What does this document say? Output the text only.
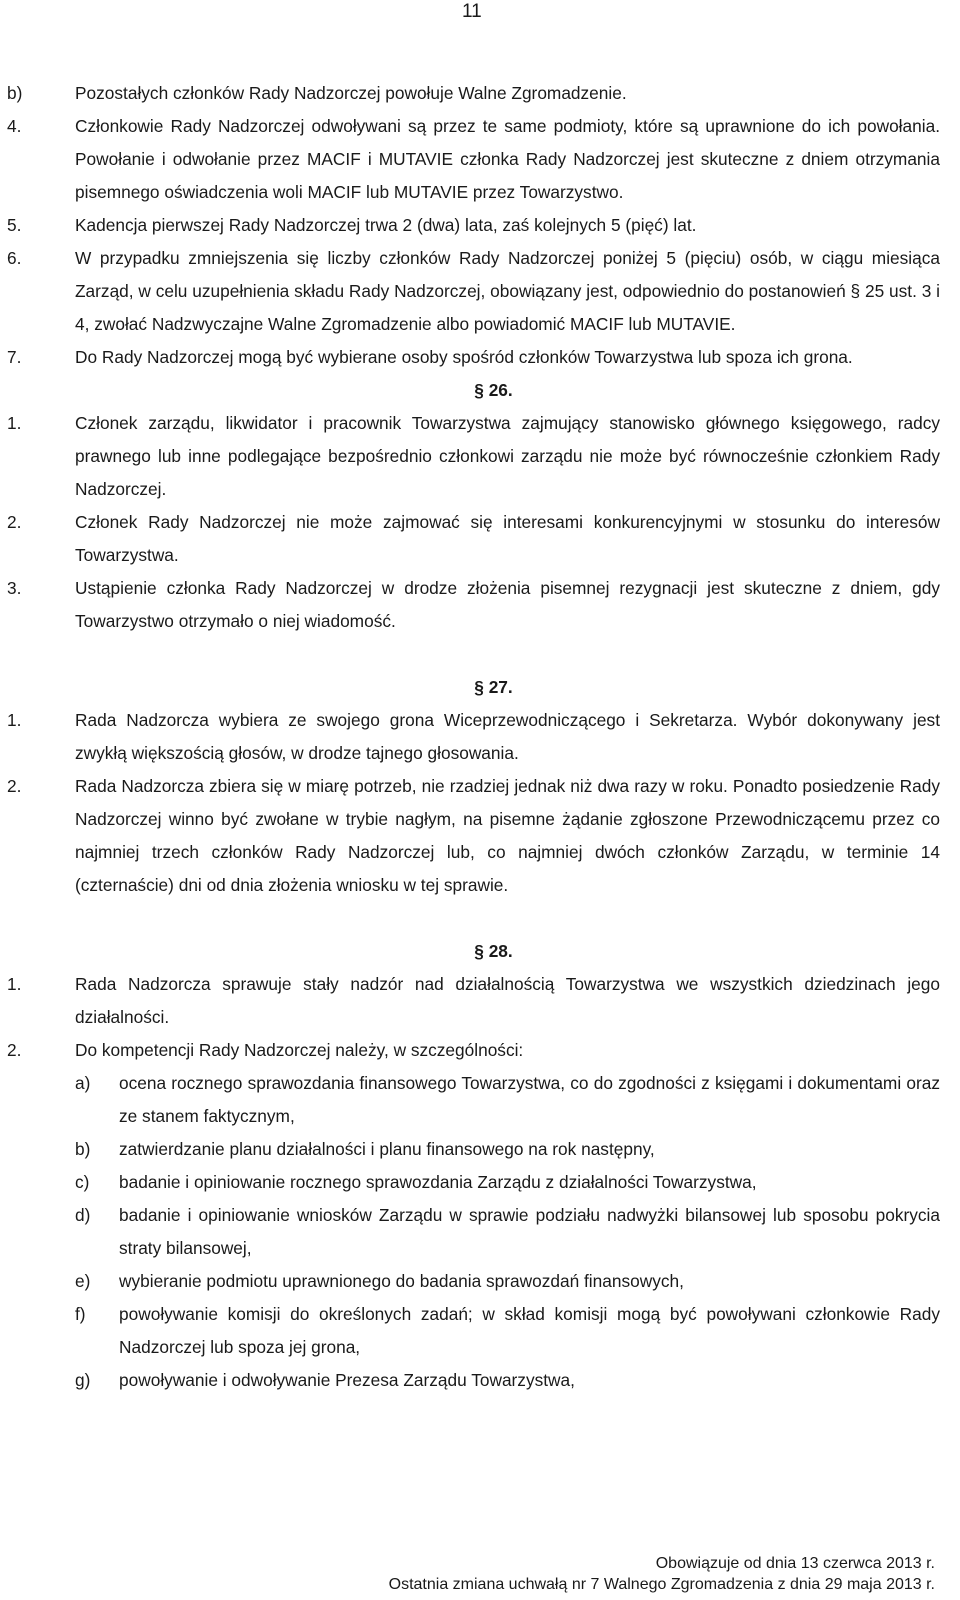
11
b)	Pozostałych członków Rady Nadzorczej powołuje Walne Zgromadzenie.
4.	Członkowie Rady Nadzorczej odwoływani są przez te same podmioty, które są uprawnione do ich powołania. Powołanie i odwołanie przez MACIF i MUTAVIE członka Rady Nadzorczej jest skuteczne z dniem otrzymania pisemnego oświadczenia woli MACIF lub MUTAVIE przez Towarzystwo.
5.	Kadencja pierwszej Rady Nadzorczej trwa 2 (dwa) lata, zaś kolejnych 5 (pięć) lat.
6.	W przypadku zmniejszenia się liczby członków Rady Nadzorczej poniżej 5 (pięciu) osób, w ciągu miesiąca Zarząd, w celu uzupełnienia składu Rady Nadzorczej, obowiązany jest, odpowiednio do postanowień § 25 ust. 3 i 4, zwołać Nadzwyczajne Walne Zgromadzenie albo powiadomić MACIF lub MUTAVIE.
7.	Do Rady Nadzorczej mogą być wybierane osoby spośród członków Towarzystwa lub spoza ich grona.
§ 26.
1.	Członek zarządu, likwidator i pracownik Towarzystwa zajmujący stanowisko głównego księgowego, radcy prawnego lub inne podlegające bezpośrednio członkowi zarządu nie może być równocześnie członkiem Rady Nadzorczej.
2.	Członek Rady Nadzorczej nie może zajmować się interesami konkurencyjnymi w stosunku do interesów Towarzystwa.
3.	Ustąpienie członka Rady Nadzorczej w drodze złożenia pisemnej rezygnacji jest skuteczne z dniem, gdy Towarzystwo otrzymało o niej wiadomość.
§ 27.
1.	Rada Nadzorcza wybiera ze swojego grona Wiceprzewodniczącego i Sekretarza. Wybór dokonywany jest zwykłą większością głosów, w drodze tajnego głosowania.
2.	Rada Nadzorcza zbiera się w miarę potrzeb, nie rzadziej jednak niż dwa razy w roku. Ponadto posiedzenie Rady Nadzorczej winno być zwołane w trybie nagłym, na pisemne żądanie zgłoszone Przewodniczącemu przez co najmniej trzech członków Rady Nadzorczej lub, co najmniej dwóch członków Zarządu, w terminie 14 (czternaście) dni od dnia złożenia wniosku w tej sprawie.
§ 28.
1.	Rada Nadzorcza sprawuje stały nadzór nad działalnością Towarzystwa we wszystkich dziedzinach jego działalności.
2.	Do kompetencji Rady Nadzorczej należy, w szczególności:
a) ocena rocznego sprawozdania finansowego Towarzystwa, co do zgodności z księgami i dokumentami oraz ze stanem faktycznym,
b) zatwierdzanie planu działalności i planu finansowego na rok następny,
c) badanie i opiniowanie rocznego sprawozdania Zarządu z działalności Towarzystwa,
d) badanie i opiniowanie wniosków Zarządu w sprawie podziału nadwyżki bilansowej lub sposobu pokrycia straty bilansowej,
e) wybieranie podmiotu uprawnionego do badania sprawozdań finansowych,
f) powoływanie komisji do określonych zadań; w skład komisji mogą być powoływani członkowie Rady Nadzorczej lub spoza jej grona,
g) powoływanie i odwoływanie Prezesa Zarządu Towarzystwa,
Obowiązuje od dnia 13 czerwca 2013 r.
Ostatnia zmiana uchwałą nr 7 Walnego Zgromadzenia z dnia 29 maja 2013 r.
